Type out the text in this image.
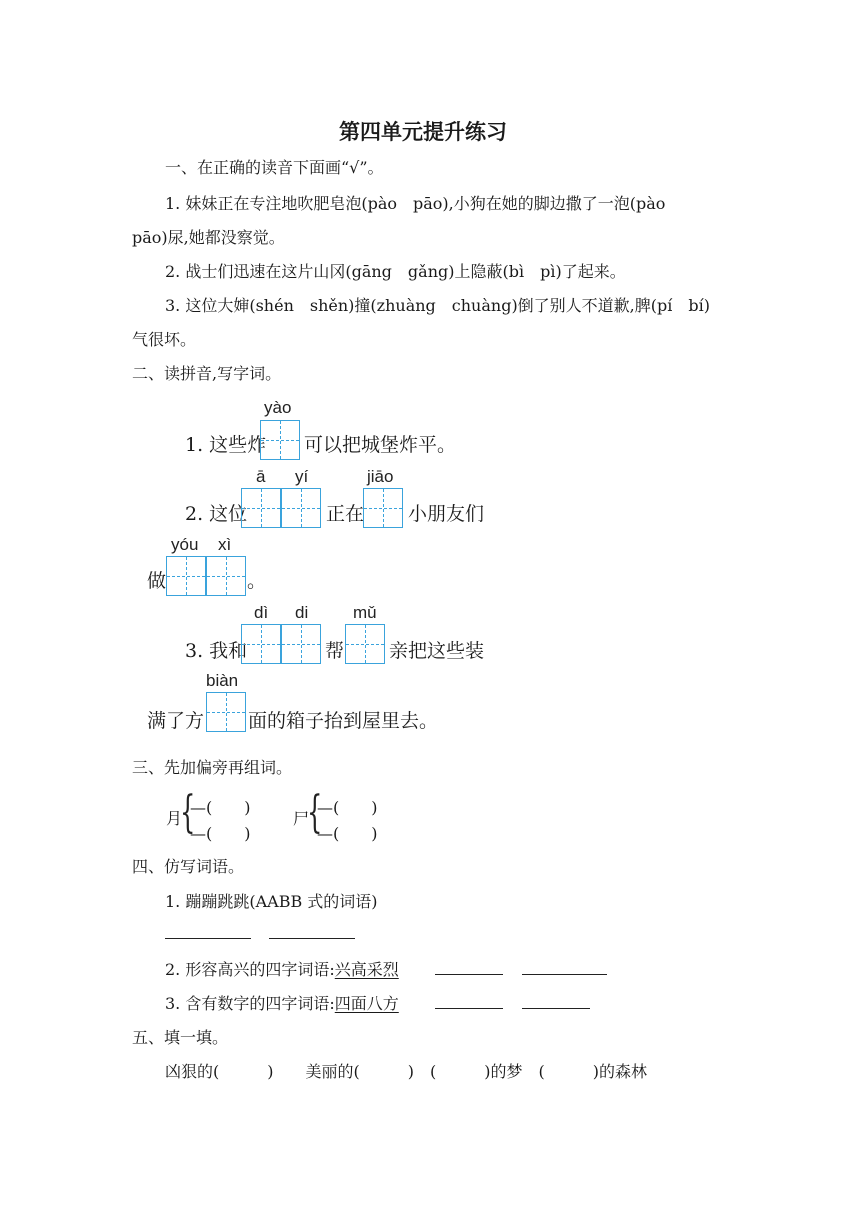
第四单元提升练习
一、在正确的读音下面画“√”。
1. 妹妹正在专注地吹肥皂泡(pào　pāo),小狗在她的脚边撒了一泡(pào
pāo)尿,她都没察觉。
2. 战士们迅速在这片山冈(gāng　gǎng)上隐蔽(bì　pì)了起来。
3. 这位大婶(shén　shěn)撞(zhuàng　chuàng)倒了别人不道歉,脾(pí　bí)
气很坏。
二、读拼音,写字词。
1. 这些炸
yào
可以把城堡炸平。
2. 这位
ā yí
正在
jiāo
小朋友们
做
yóu xì
。
3. 我和
dì di
帮
mǔ
亲把这些装
满了方
biàn
面的箱子抬到屋里去。
三、先加偏旁再组词。
月
{
—(　　)
—(　　)
尸
{
—(　　)
—(　　)
四、仿写词语。
1. 蹦蹦跳跳(AABB 式的词语)
2. 形容高兴的四字词语:兴高采烈
3. 含有数字的四字词语:四面八方
五、填一填。
凶狠的(　　　)　　美丽的(　　　)　(　　　)的梦　(　　　)的森林
